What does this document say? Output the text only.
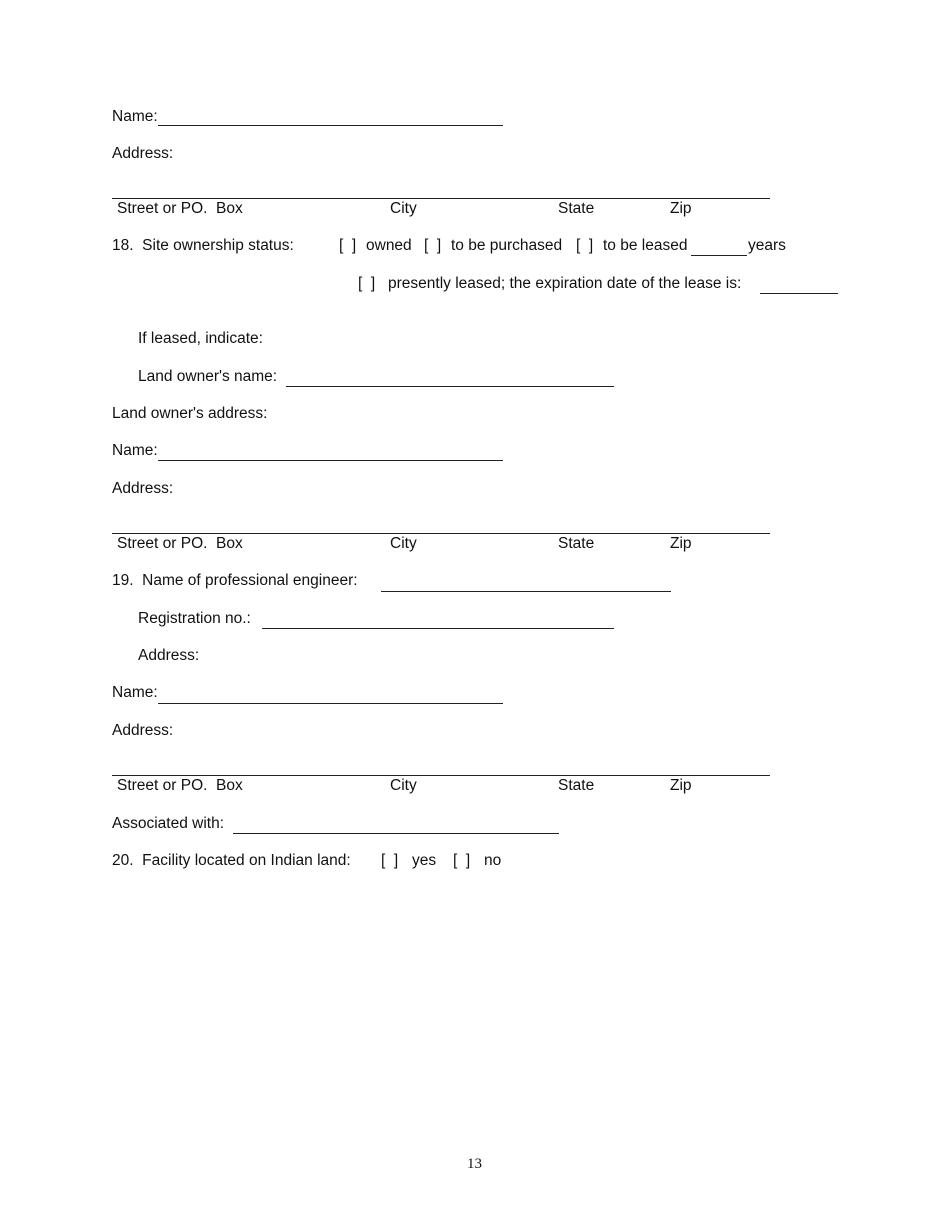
Name:
Address:
Street or PO.  Box	City	State	Zip
18.  Site ownership status:	[  ] owned [  ] to be purchased [  ] to be leased	years
[  ] presently leased; the expiration date of the lease is:
If leased, indicate:
Land owner's name:
Land owner's address:
Name:
Address:
Street or PO.  Box	City	State	Zip
19.  Name of professional engineer:
Registration no.:
Address:
Name:
Address:
Street or PO.  Box	City	State	Zip
Associated with:
20.  Facility located on Indian land: [  ] yes [  ] no
13
